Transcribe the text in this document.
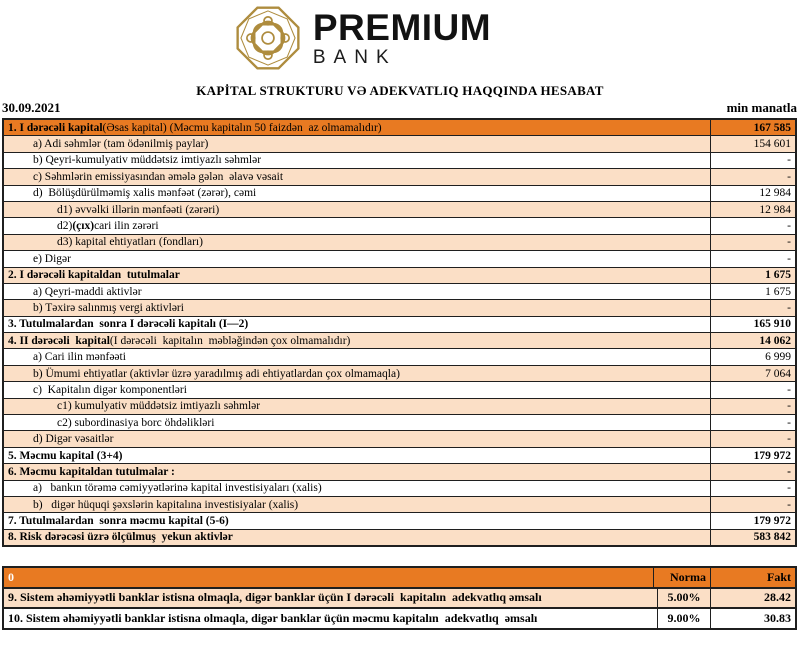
PREMIUM
BANK
KAPİTAL STRUKTURU VƏ ADEKVATLIQ HAQQINDA HESABAT
30.09.2021	min manatla
1. I dərəcəli kapital (Əsas kapital) (Məcmu kapitalın 50 faizdən  az olmamalıdır)	167 585
a) Adi səhmlər (tam ödənilmiş paylar)	154 601
b) Qeyri-kumulyativ müddətsiz imtiyazlı səhmlər	-
c) Səhmlərin emissiyasından əmələ gələn  əlavə vəsait	-
d)  Bölüşdürülməmiş xalis mənfəət (zərər), cəmi	12 984
d1) əvvəlki illərin mənfəəti (zərəri)	12 984
d2) (çıx) cari ilin zərəri	-
d3) kapital ehtiyatları (fondları)	-
e) Digər	-
2. I dərəcəli kapitaldan  tutulmalar	1 675
a) Qeyri-maddi aktivlər	1 675
b) Təxirə salınmış vergi aktivləri	-
3. Tutulmalardan  sonra I dərəcəli kapitalı (I—2)	165 910
4. II dərəcəli  kapital (I dərəcəli  kapitalın  məbləğindən çox olmamalıdır)	14 062
a) Cari ilin mənfəəti	6 999
b) Ümumi ehtiyatlar (aktivlər üzrə yaradılmış adi ehtiyatlardan çox olmamaqla)	7 064
c)  Kapitalın digər komponentləri	-
c1) kumulyativ müddətsiz imtiyazlı səhmlər	-
c2) subordinasiya borc öhdəlikləri	-
d) Digər vəsaitlər	-
5. Məcmu kapital (3+4)	179 972
6. Məcmu kapitaldan tutulmalar :	-
a)   bankın törəmə cəmiyyətlərinə kapital investisiyaları (xalis)	-
b)   digər hüquqi şəxslərin kapitalına investisiyalar (xalis)	-
7. Tutulmalardan  sonra məcmu kapital (5-6)	179 972
8. Risk dərəcəsi üzrə ölçülmuş  yekun aktivlər	583 842
0	Norma	Fakt
9. Sistem əhəmiyyətli banklar istisna olmaqla, digər banklar üçün I dərəcəli  kapitalın  adekvatlıq əmsalı	5.00%	28.42
10. Sistem əhəmiyyətli banklar istisna olmaqla, digər banklar üçün məcmu kapitalın  adekvatlıq  əmsalı	9.00%	30.83
